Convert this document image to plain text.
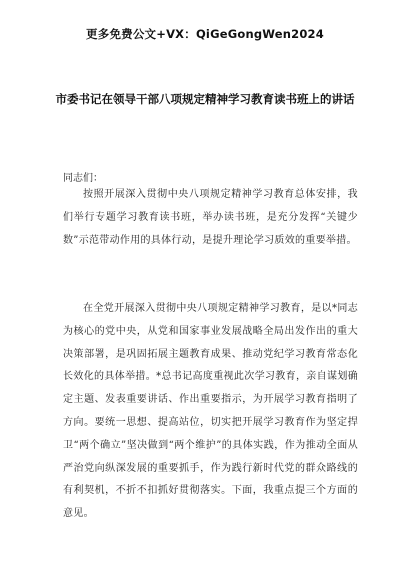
更多免费公文+VX：QiGeGongWen2024
市委书记在领导干部八项规定精神学习教育读书班上的讲话
同志们：
按照开展深入贯彻中央八项规定精神学习教育总体安排，我们举行专题学习教育读书班，举办读书班，是充分发挥“关键少数”示范带动作用的具体行动，是提升理论学习质效的重要举措。
在全党开展深入贯彻中央八项规定精神学习教育，是以*同志为核心的党中央，从党和国家事业发展战略全局出发作出的重大决策部署，是巩固拓展主题教育成果、推动党纪学习教育常态化长效化的具体举措。*总书记高度重视此次学习教育，亲自谋划确定主题、发表重要讲话、作出重要指示，为开展学习教育指明了方向。要统一思想、提高站位，切实把开展学习教育作为坚定捍卫“两个确立”坚决做到“两个维护”的具体实践，作为推动全面从严治党向纵深发展的重要抓手，作为践行新时代党的群众路线的有利契机，不折不扣抓好贯彻落实。下面，我重点提三个方面的意见。
